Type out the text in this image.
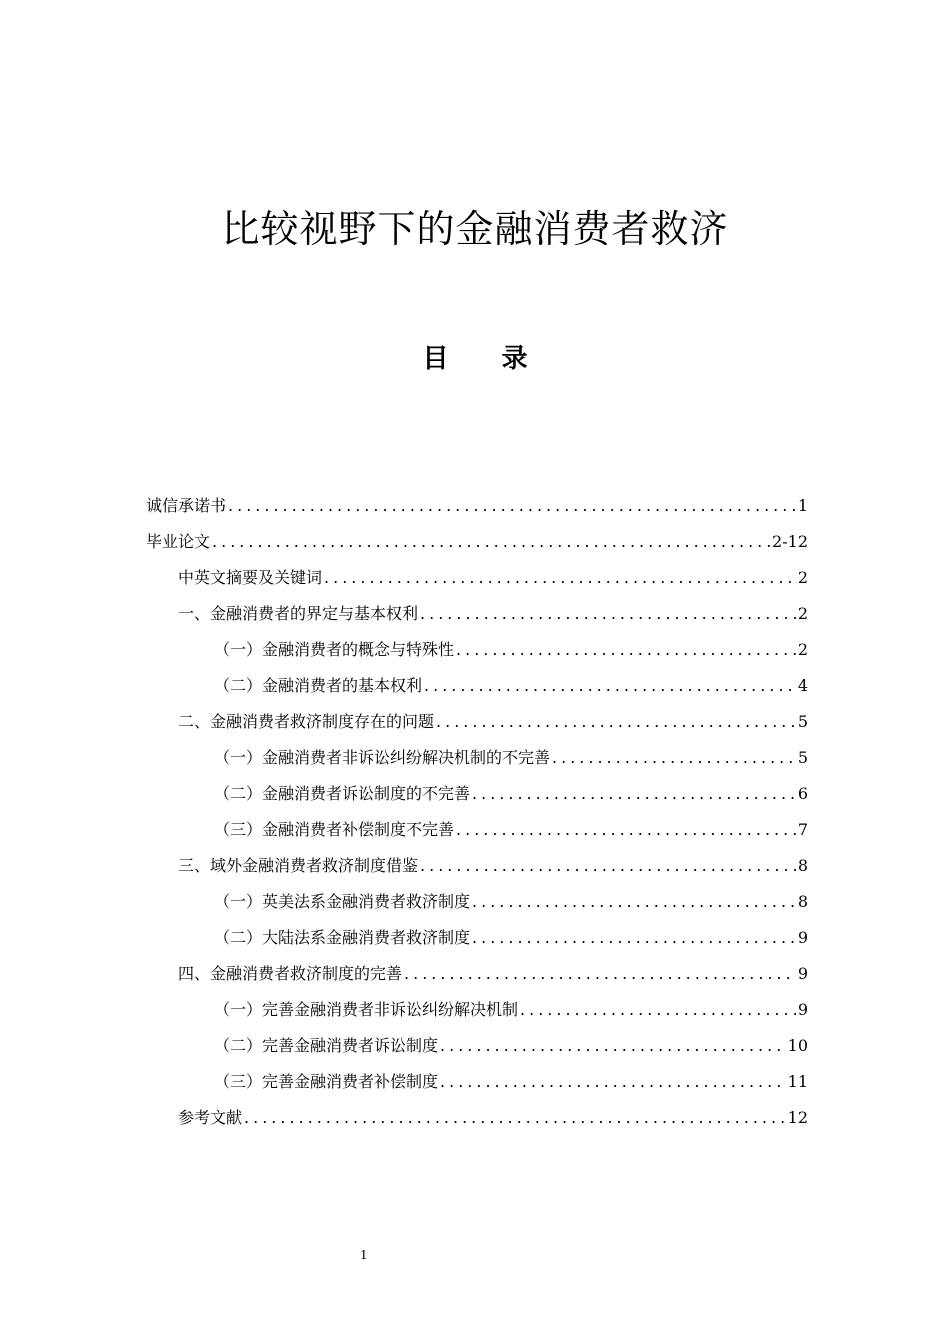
比较视野下的金融消费者救济
目 录
诚信承诺书 .....	1
毕业论文 .....	2-12
中英文摘要及关键词 .....	2
一、金融消费者的界定与基本权利 .....	2
（一）金融消费者的概念与特殊性 .....	2
（二）金融消费者的基本权利 .....	4
二、金融消费者救济制度存在的问题 .....	5
（一）金融消费者非诉讼纠纷解决机制的不完善 .....	5
（二）金融消费者诉讼制度的不完善 .....	6
（三）金融消费者补偿制度不完善 .....	7
三、域外金融消费者救济制度借鉴 .....	8
（一）英美法系金融消费者救济制度 .....	8
（二）大陆法系金融消费者救济制度 .....	9
四、金融消费者救济制度的完善 .....	9
（一）完善金融消费者非诉讼纠纷解决机制 .....	9
（二）完善金融消费者诉讼制度 .....	10
（三）完善金融消费者补偿制度 .....	11
参考文献 .....	12
1
